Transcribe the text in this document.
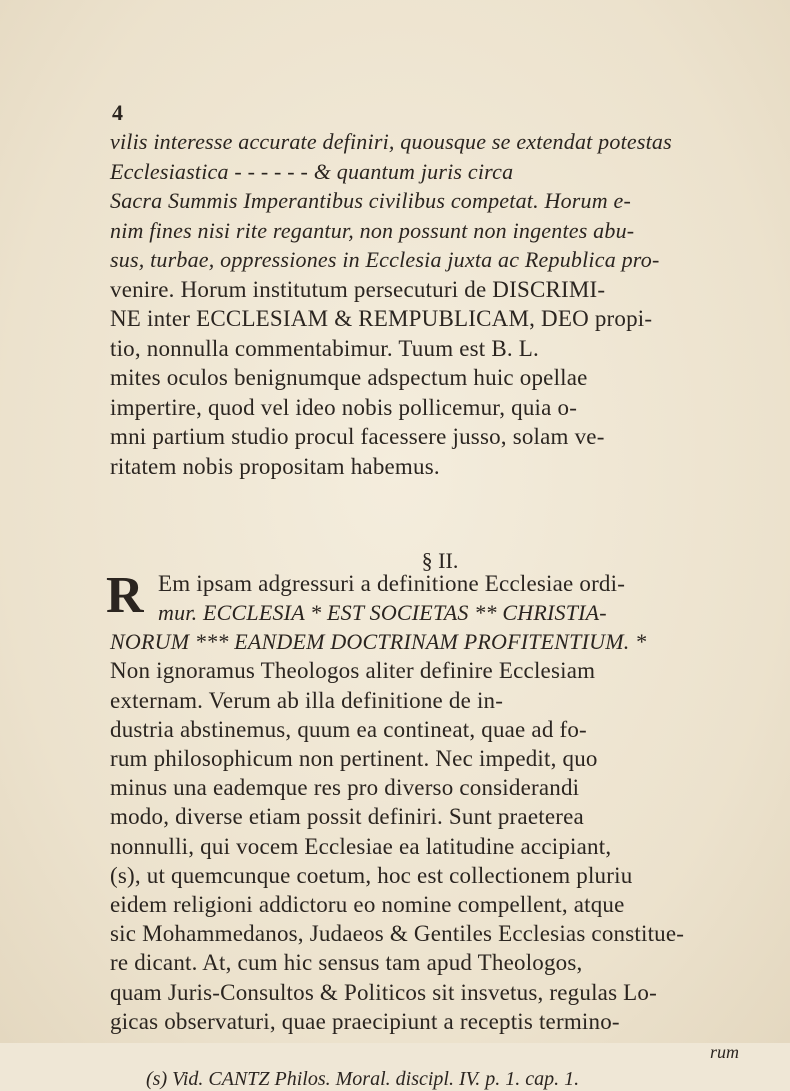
4
vilis interesse accurate definiri, quousque se extendat potestas
Ecclesiastica - - - - - - & quantum juris circa
Sacra Summis Imperantibus civilibus competat. Horum e-
nim fines nisi rite regantur, non possunt non ingentes abu-
sus, turbae, oppressiones in Ecclesia juxta ac Republica pro-
venire. Horum institutum persecuturi de DISCRIMI-
NE inter ECCLESIAM & REMPUBLICAM, DEO propi-
tio, nonnulla commentabimur. Tuum est B. L.
mites oculos benignumque adspectum huic opellae
impertire, quod vel ideo nobis pollicemur, quia o-
mni partium studio procul facessere jusso, solam ve-
ritatem nobis propositam habemus.
§ II.
R Em ipsam adgressuri a definitione Ecclesiae ordi-
mur. ECCLESIA * EST SOCIETAS ** CHRISTIA-
NORUM *** EANDEM DOCTRINAM PROFITENTIUM. *
Non ignoramus Theologos aliter definire Ecclesiam
externam. Verum ab illa definitione de in-
dustria abstinemus, quum ea contineat, quae ad fo-
rum philosophicum non pertinent. Nec impedit, quo
minus una eademque res pro diverso considerandi
modo, diverse etiam possit definiri. Sunt praeterea
nonnulli, qui vocem Ecclesiae ea latitudine accipiant,
(s), ut quemcunque coetum, hoc est collectionem pluriu
eidem religioni addictoru eo nomine compellent, atque
sic Mohammedanos, Judaeos & Gentiles Ecclesias constitue-
re dicant. At, cum hic sensus tam apud Theologos,
quam Juris-Consultos & Politicos sit insvetus, regulas Lo-
gicas observaturi, quae praecipiunt a receptis termino-
rum
(s) Vid. CANTZ Philos. Moral. discipl. IV. p. 1. cap. 1.
